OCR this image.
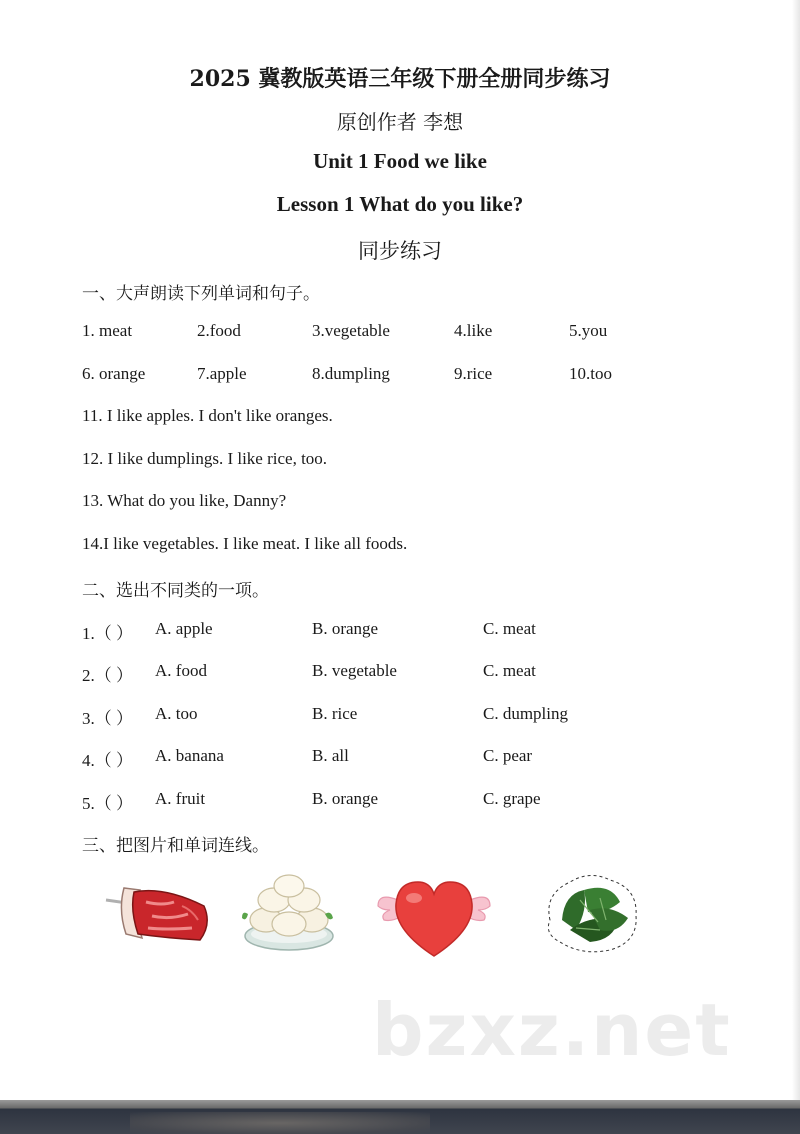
2025 冀教版英语三年级下册全册同步练习
原创作者 李想
Unit 1 Food we like
Lesson 1 What do you like?
同步练习
一、大声朗读下列单词和句子。
1. meat	2.food	3.vegetable	4.like	5.you
6. orange	7.apple	8.dumpling	9.rice	10.too
11. I like apples. I don't like oranges.
12. I like dumplings. I like rice, too.
13. What do you like, Danny?
14.I like vegetables. I like meat. I like all foods.
二、选出不同类的一项。
1.（ ） A. apple	B. orange	C. meat
2.（ ） A. food	B. vegetable	C. meat
3.（ ） A. too	B. rice	C. dumpling
4.（ ） A. banana	B. all	C. pear
5.（ ） A. fruit	B. orange	C. grape
三、把图片和单词连线。
bzxz.net
